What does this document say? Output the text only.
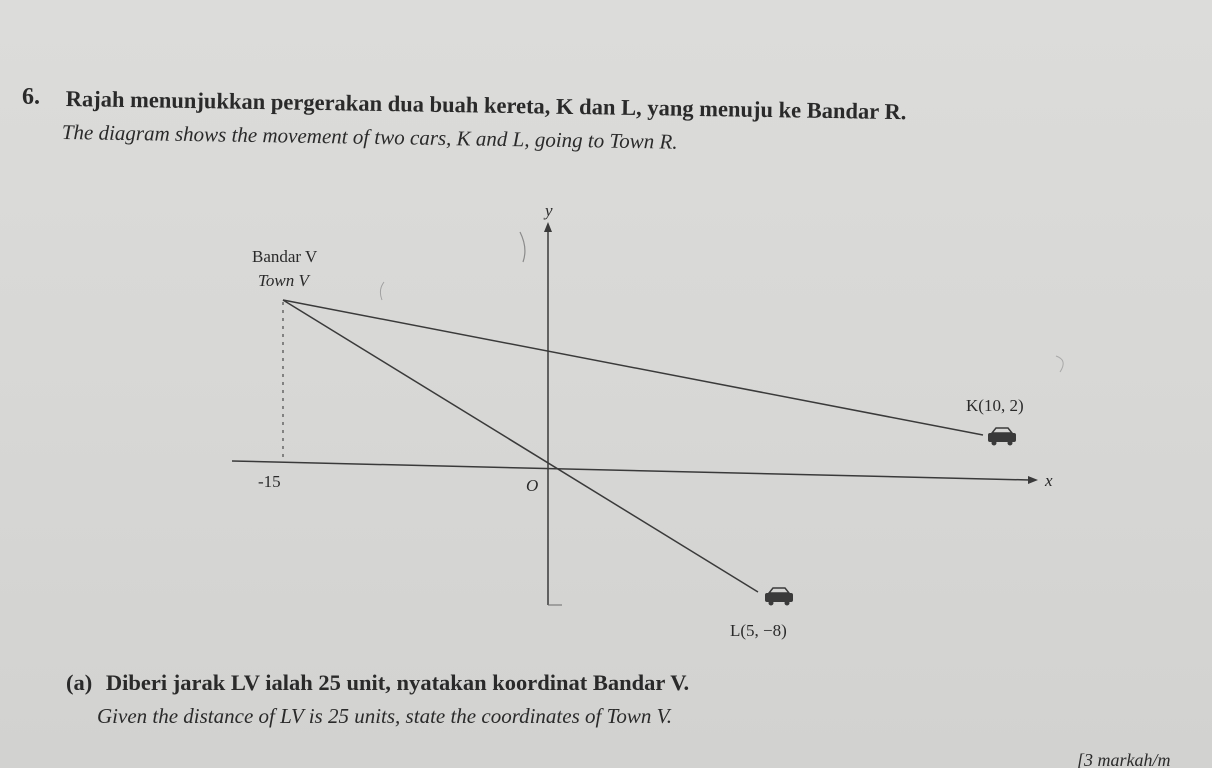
6. Rajah menunjukkan pergerakan dua buah kereta, K dan L, yang menuju ke Bandar R.
The diagram shows the movement of two cars, K and L, going to Town R.
y
x
O
-15
Bandar V
Town V
K(10, 2)
L(5, −8)
(a) Diberi jarak LV ialah 25 unit, nyatakan koordinat Bandar V.
Given the distance of LV is 25 units, state the coordinates of Town V.
[3 markah/m
